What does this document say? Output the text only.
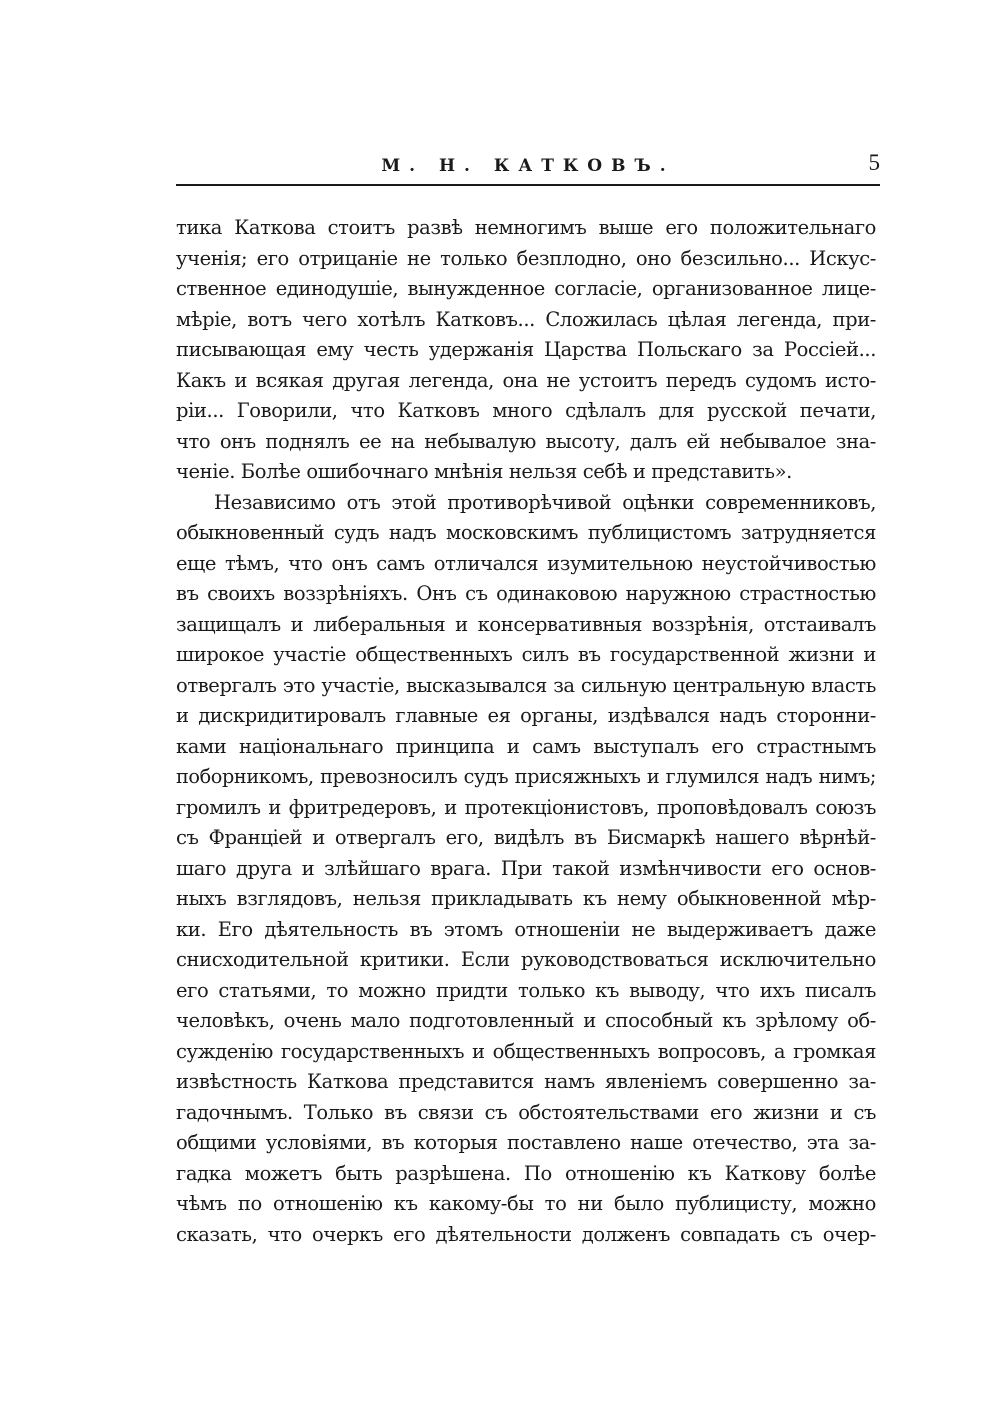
М. Н. КАТКОВЪ.	5
тика Каткова стоитъ развѣ немногимъ выше его положительнаго
ученія; его отрицаніе не только безплодно, оно безсильно... Искус-
ственное единодушіе, вынужденное согласіе, организованное лице-
мѣріе, вотъ чего хотѣлъ Катковъ... Сложилась цѣлая легенда, при-
писывающая ему честь удержанія Царства Польскаго за Россіей...
Какъ и всякая другая легенда, она не устоитъ передъ судомъ исто-
ріи... Говорили, что Катковъ много сдѣлалъ для русской печати,
что онъ поднялъ ее на небывалую высоту, далъ ей небывалое зна-
ченіе. Болѣе ошибочнаго мнѣнія нельзя себѣ и представить».
Независимо отъ этой противорѣчивой оцѣнки современниковъ,
обыкновенный судъ надъ московскимъ публицистомъ затрудняется
еще тѣмъ, что онъ самъ отличался изумительною неустойчивостью
въ своихъ воззрѣніяхъ. Онъ съ одинаковою наружною страстностью
защищалъ и либеральныя и консервативныя воззрѣнія, отстаивалъ
широкое участіе общественныхъ силъ въ государственной жизни и
отвергалъ это участіе, высказывался за сильную центральную власть
и дискридитировалъ главные ея органы, издѣвался надъ сторонни-
ками національнаго принципа и самъ выступалъ его страстнымъ
поборникомъ, превозносилъ судъ присяжныхъ и глумился надъ нимъ;
громилъ и фритредеровъ, и протекціонистовъ, проповѣдовалъ союзъ
съ Франціей и отвергалъ его, видѣлъ въ Бисмаркѣ нашего вѣрнѣй-
шаго друга и злѣйшаго врага. При такой измѣнчивости его основ-
ныхъ взглядовъ, нельзя прикладывать къ нему обыкновенной мѣр-
ки. Его дѣятельность въ этомъ отношеніи не выдерживаетъ даже
снисходительной критики. Если руководствоваться исключительно
его статьями, то можно придти только къ выводу, что ихъ писалъ
человѣкъ, очень мало подготовленный и способный къ зрѣлому об-
сужденію государственныхъ и общественныхъ вопросовъ, а громкая
извѣстность Каткова представится намъ явленіемъ совершенно за-
гадочнымъ. Только въ связи съ обстоятельствами его жизни и съ
общими условіями, въ которыя поставлено наше отечество, эта за-
гадка можетъ быть разрѣшена. По отношенію къ Каткову болѣе
чѣмъ по отношенію къ какому-бы то ни было публицисту, можно
сказать, что очеркъ его дѣятельности долженъ совпадать съ очер-
